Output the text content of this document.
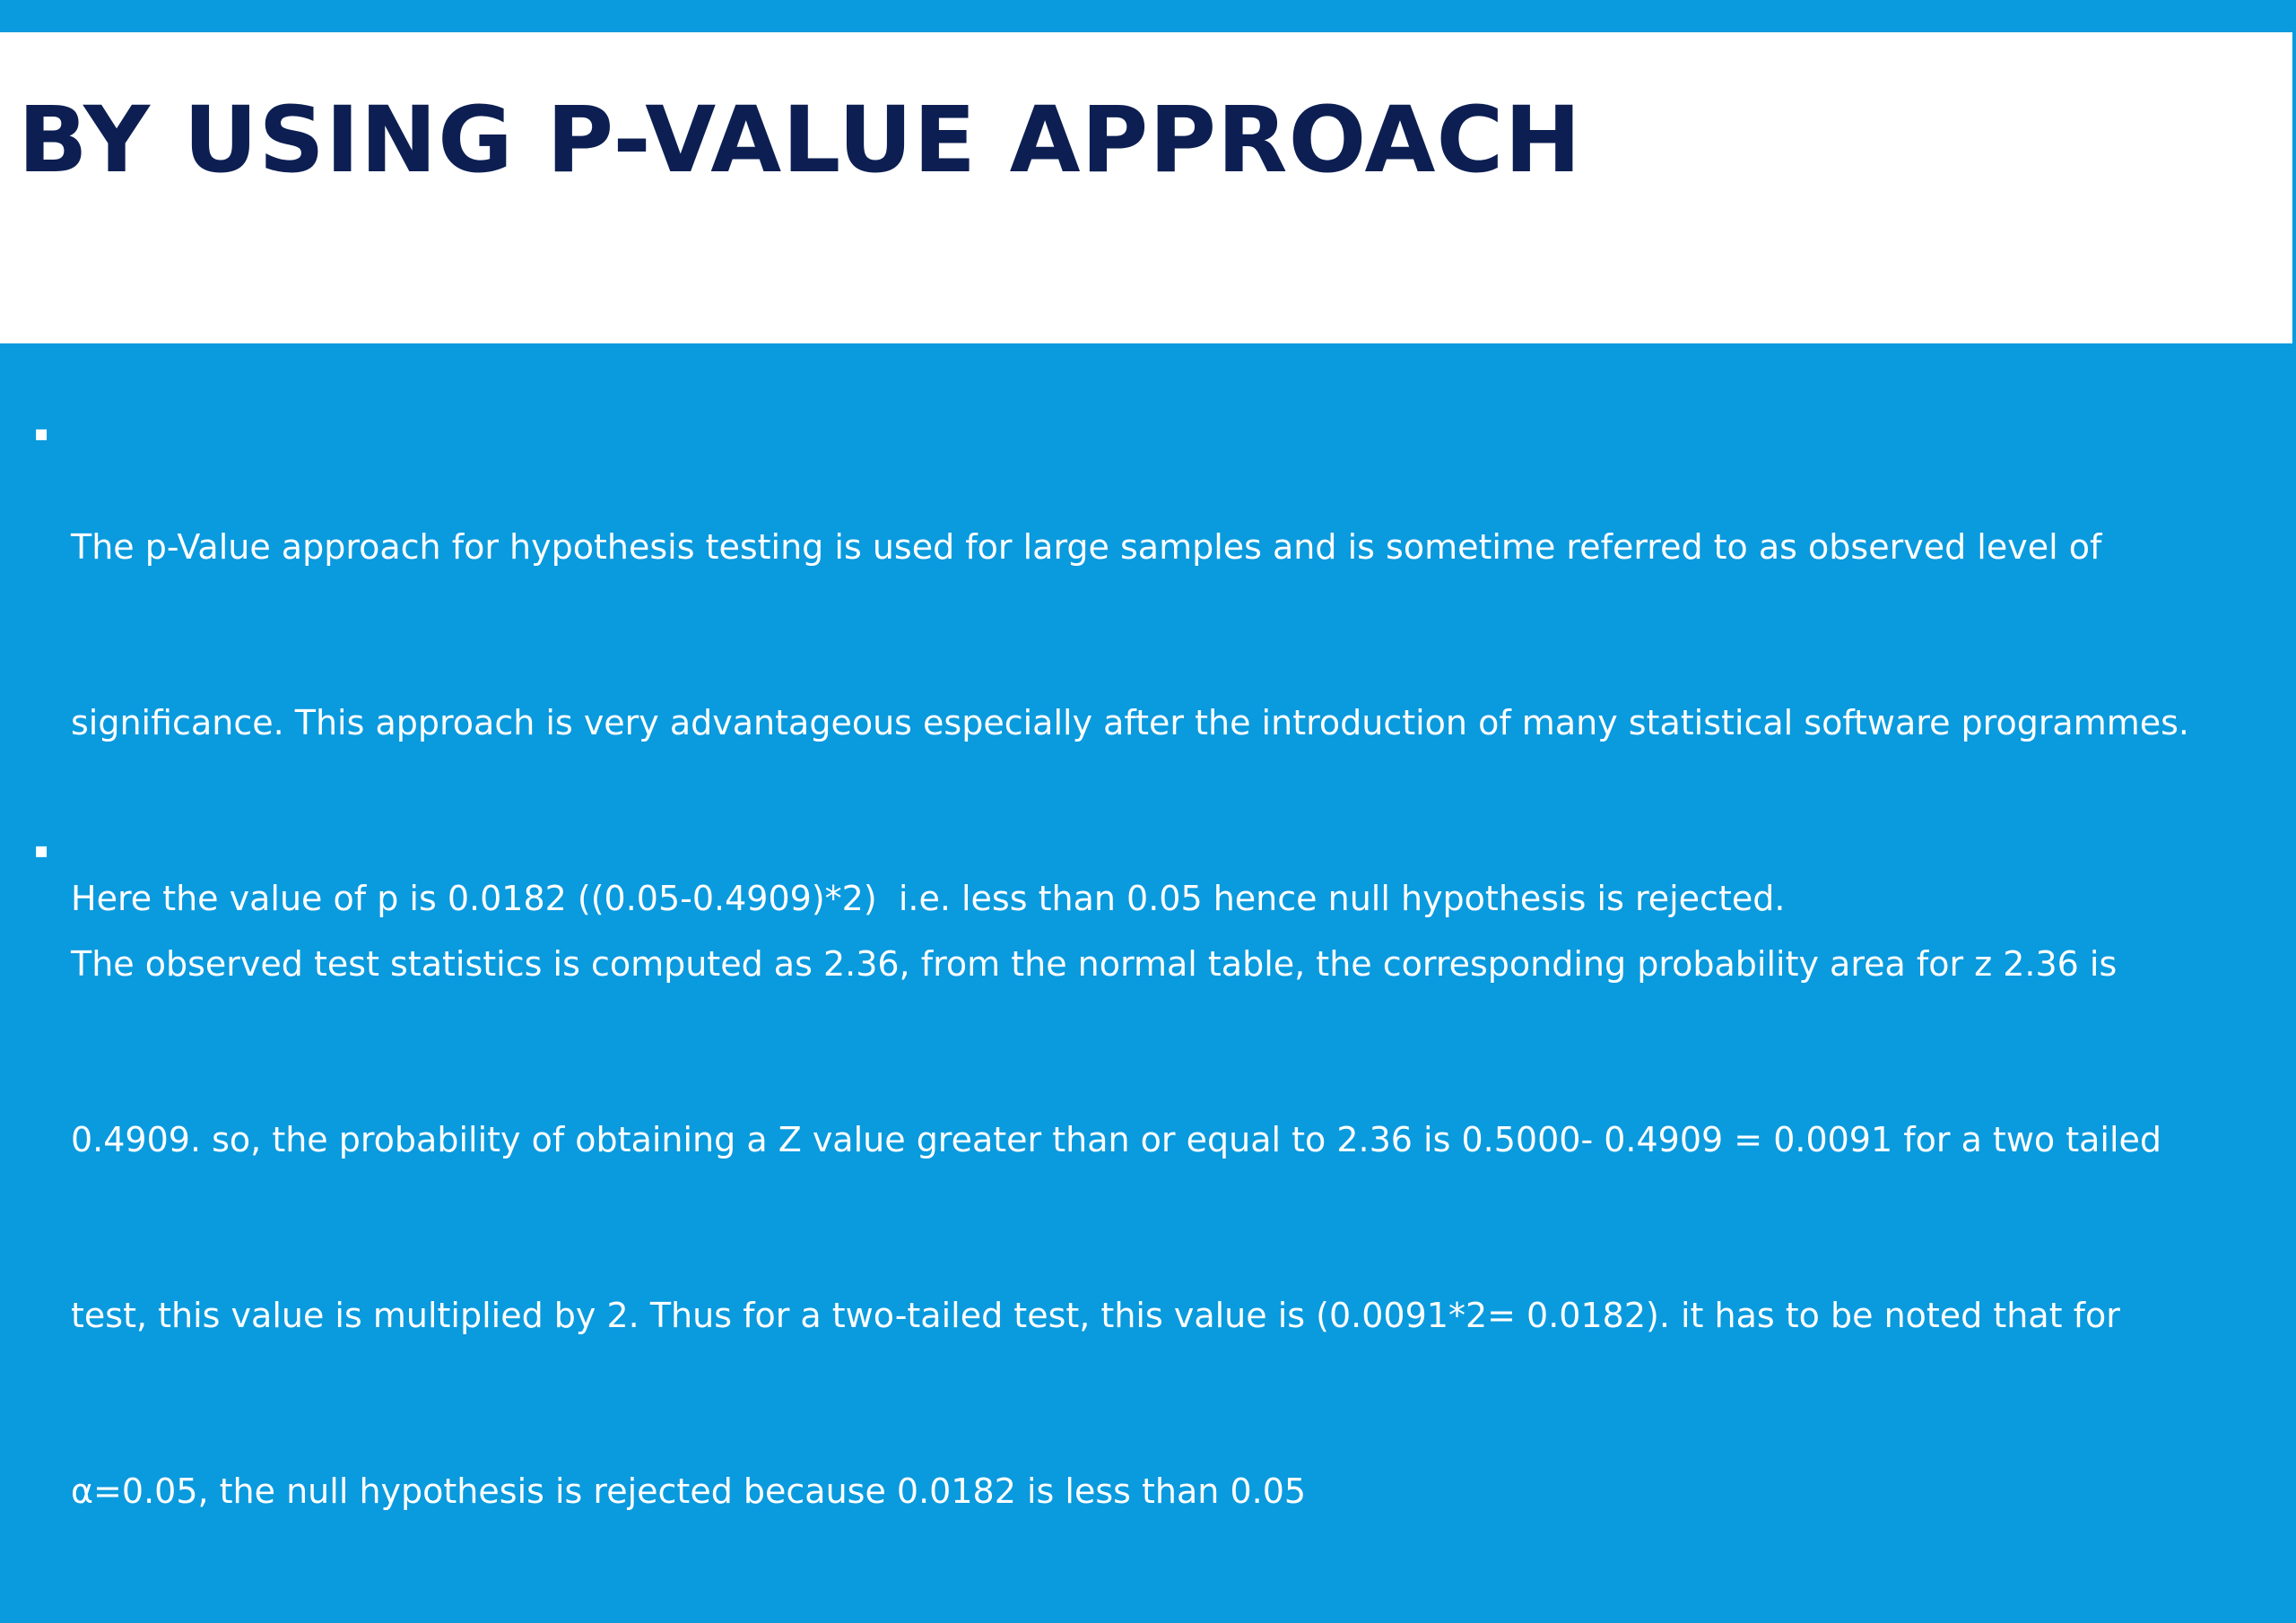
BY USING P-VALUE APPROACH
▪

The p-Value approach for hypothesis testing is used for large samples and is sometime referred to as observed level of

significance. This approach is very advantageous especially after the introduction of many statistical software programmes.

Here the value of p is 0.0182 ((0.05-0.4909)*2)  i.e. less than 0.05 hence null hypothesis is rejected.

▪

The observed test statistics is computed as 2.36, from the normal table, the corresponding probability area for z 2.36 is

0.4909. so, the probability of obtaining a Z value greater than or equal to 2.36 is 0.5000- 0.4909 = 0.0091 for a two tailed

test, this value is multiplied by 2. Thus for a two-tailed test, this value is (0.0091*2= 0.0182). it has to be noted that for

α=0.05, the null hypothesis is rejected because 0.0182 is less than 0.05
